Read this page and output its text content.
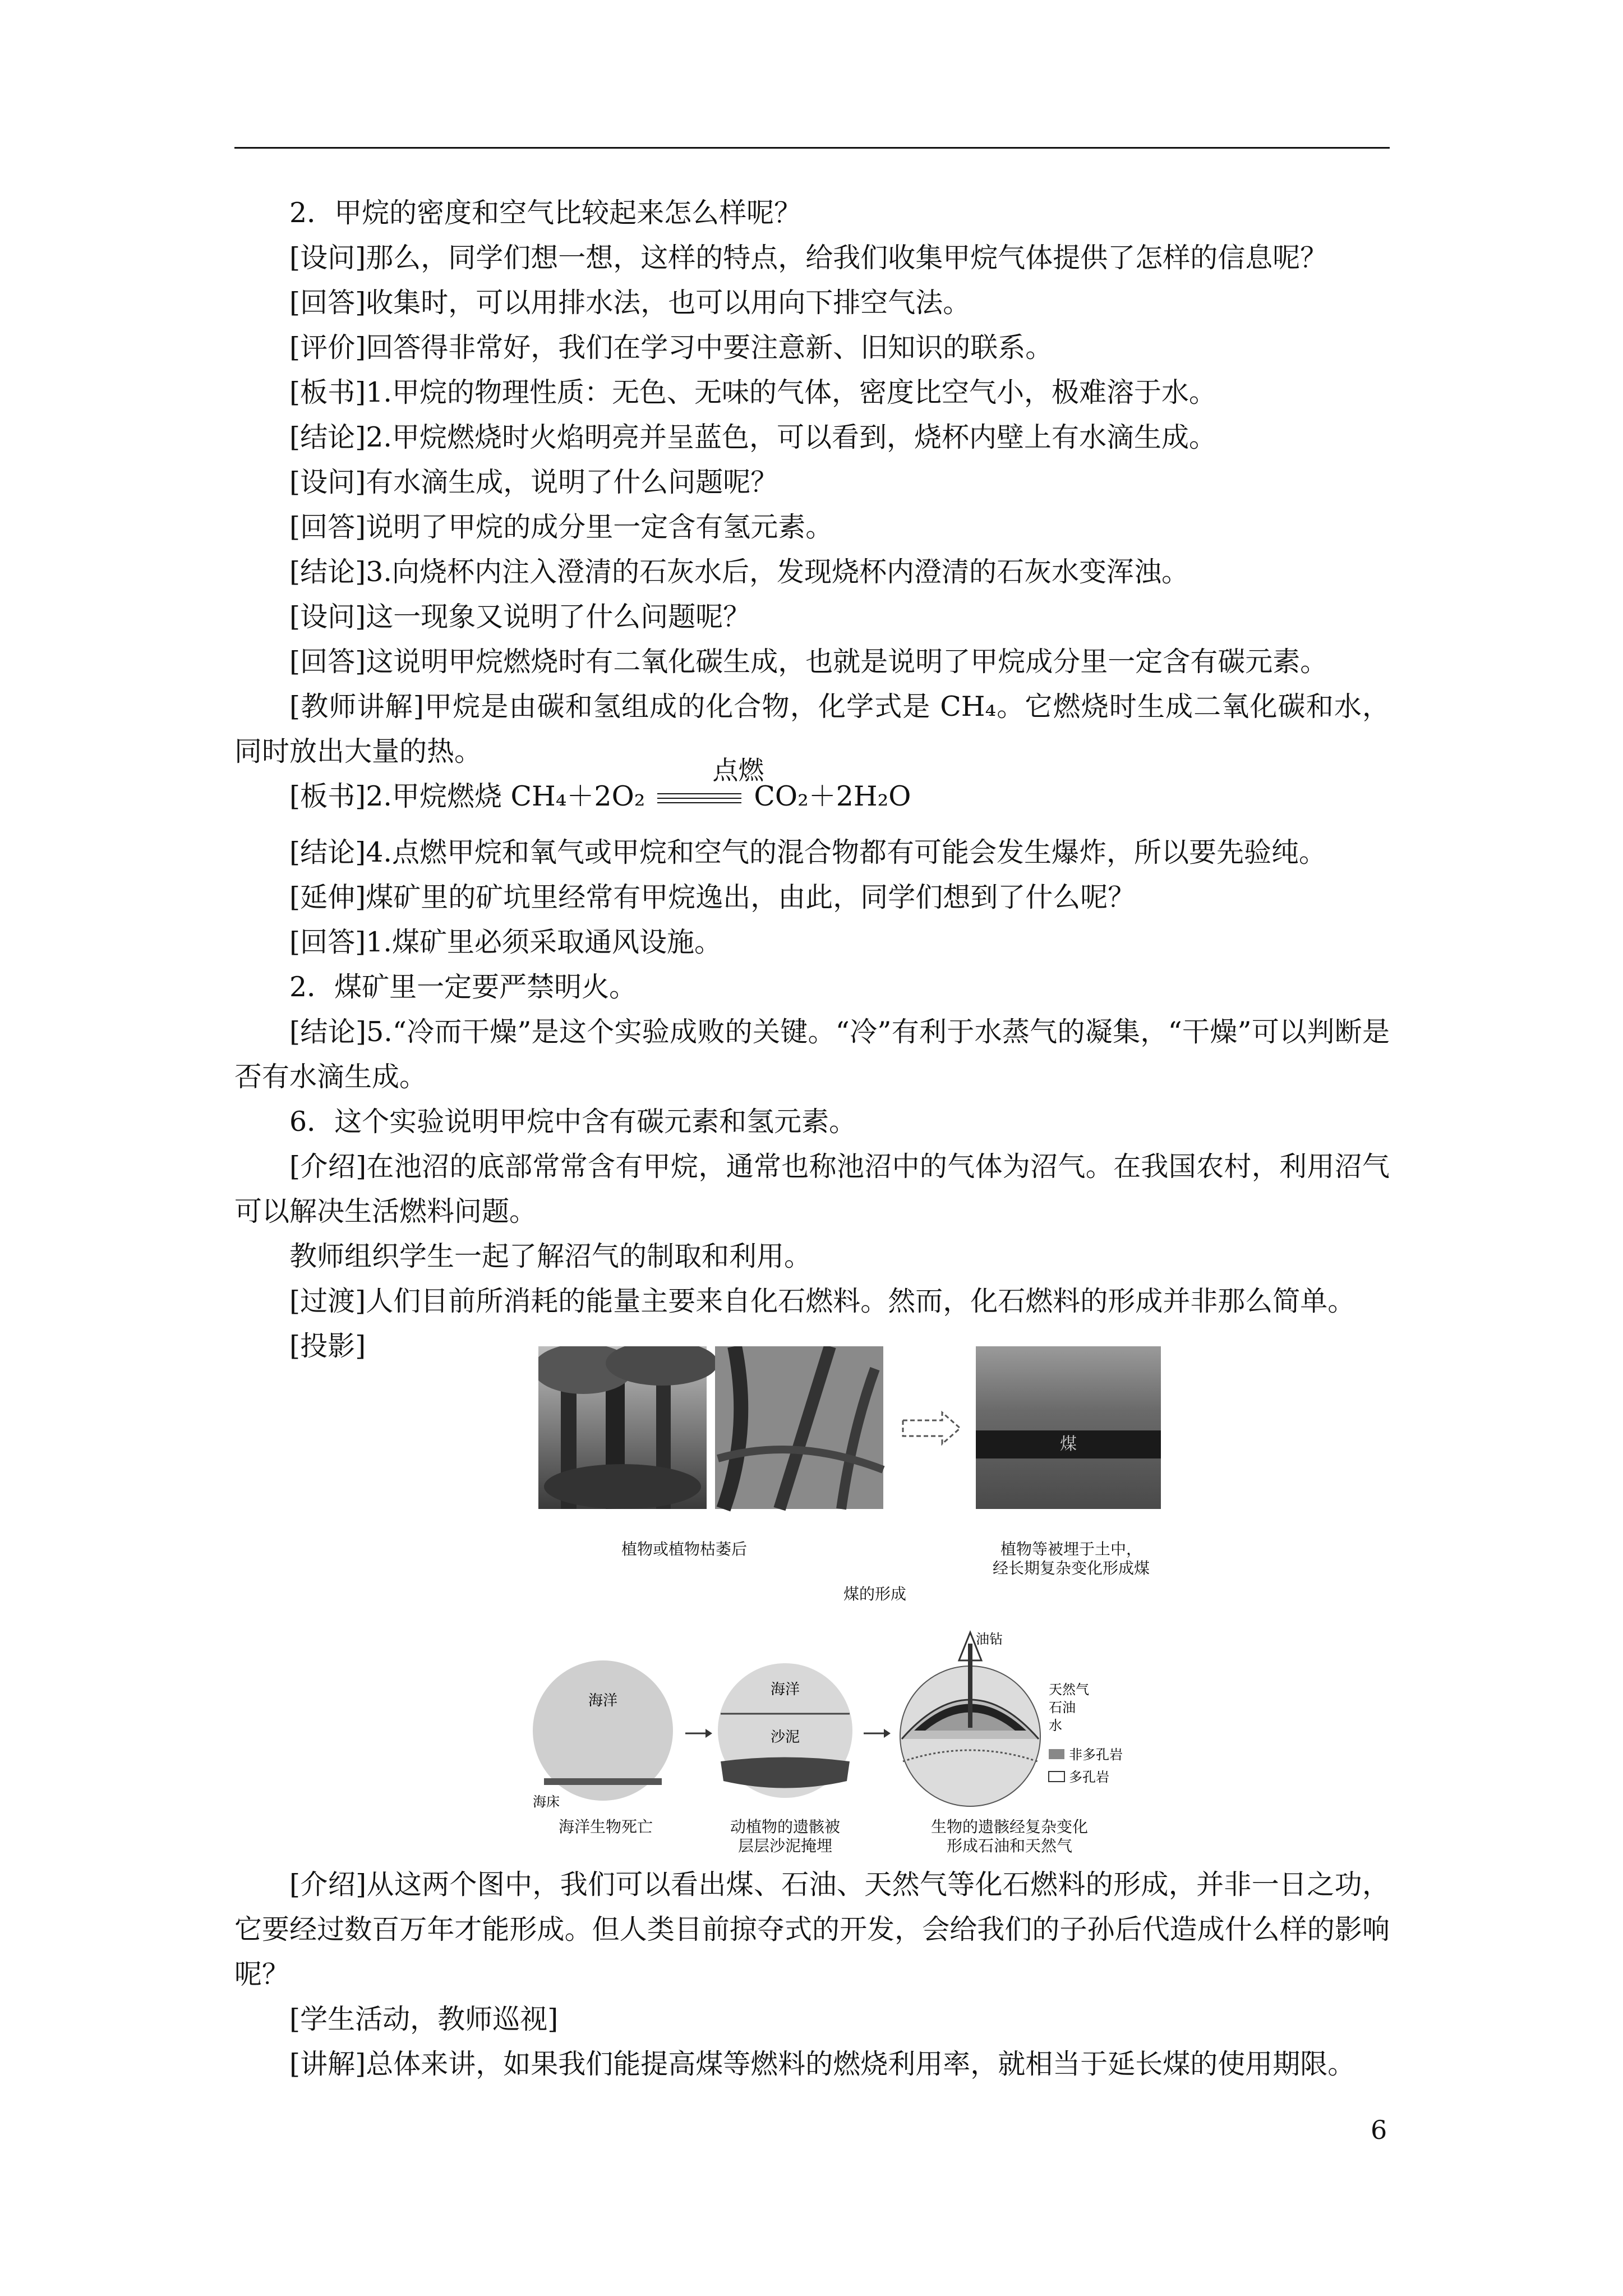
2．甲烷的密度和空气比较起来怎么样呢？

[设问]那么，同学们想一想，这样的特点，给我们收集甲烷气体提供了怎样的信息呢？

[回答]收集时，可以用排水法，也可以用向下排空气法。

[评价]回答得非常好，我们在学习中要注意新、旧知识的联系。

[板书]1.甲烷的物理性质：无色、无味的气体，密度比空气小，极难溶于水。

[结论]2.甲烷燃烧时火焰明亮并呈蓝色，可以看到，烧杯内壁上有水滴生成。

[设问]有水滴生成，说明了什么问题呢？

[回答]说明了甲烷的成分里一定含有氢元素。

[结论]3.向烧杯内注入澄清的石灰水后，发现烧杯内澄清的石灰水变浑浊。

[设问]这一现象又说明了什么问题呢？

[回答]这说明甲烷燃烧时有二氧化碳生成，也就是说明了甲烷成分里一定含有碳元素。

[教师讲解]甲烷是由碳和氢组成的化合物，化学式是 CH₄。它燃烧时生成二氧化碳和水，同时放出大量的热。

[板书]2.甲烷燃烧 CH₄＋2O₂
点燃
CO₂＋2H₂O

[结论]4.点燃甲烷和氧气或甲烷和空气的混合物都有可能会发生爆炸，所以要先验纯。

[延伸]煤矿里的矿坑里经常有甲烷逸出，由此，同学们想到了什么呢？

[回答]1.煤矿里必须采取通风设施。

2．煤矿里一定要严禁明火。

[结论]5.“冷而干燥”是这个实验成败的关键。“冷”有利于水蒸气的凝集，“干燥”可以判断是否有水滴生成。

6．这个实验说明甲烷中含有碳元素和氢元素。

[介绍]在池沼的底部常常含有甲烷，通常也称池沼中的气体为沼气。在我国农村，利用沼气可以解决生活燃料问题。

教师组织学生一起了解沼气的制取和利用。

[过渡]人们目前所消耗的能量主要来自化石燃料。然而，化石燃料的形成并非那么简单。

[投影]

煤
植物或植物枯萎后	植物等被埋于土中，
经长期复杂变化形成煤
煤的形成
海洋
海床
海洋
沙泥
油钻
天然气
石油
水
非多孔岩
多孔岩
海洋生物死亡	动植物的遗骸被
层层沙泥掩埋
生物的遗骸经复杂变化
形成石油和天然气

[介绍]从这两个图中，我们可以看出煤、石油、天然气等化石燃料的形成，并非一日之功，它要经过数百万年才能形成。但人类目前掠夺式的开发，会给我们的子孙后代造成什么样的影响呢？

[学生活动，教师巡视]

[讲解]总体来讲，如果我们能提高煤等燃料的燃烧利用率，就相当于延长煤的使用期限。

6
